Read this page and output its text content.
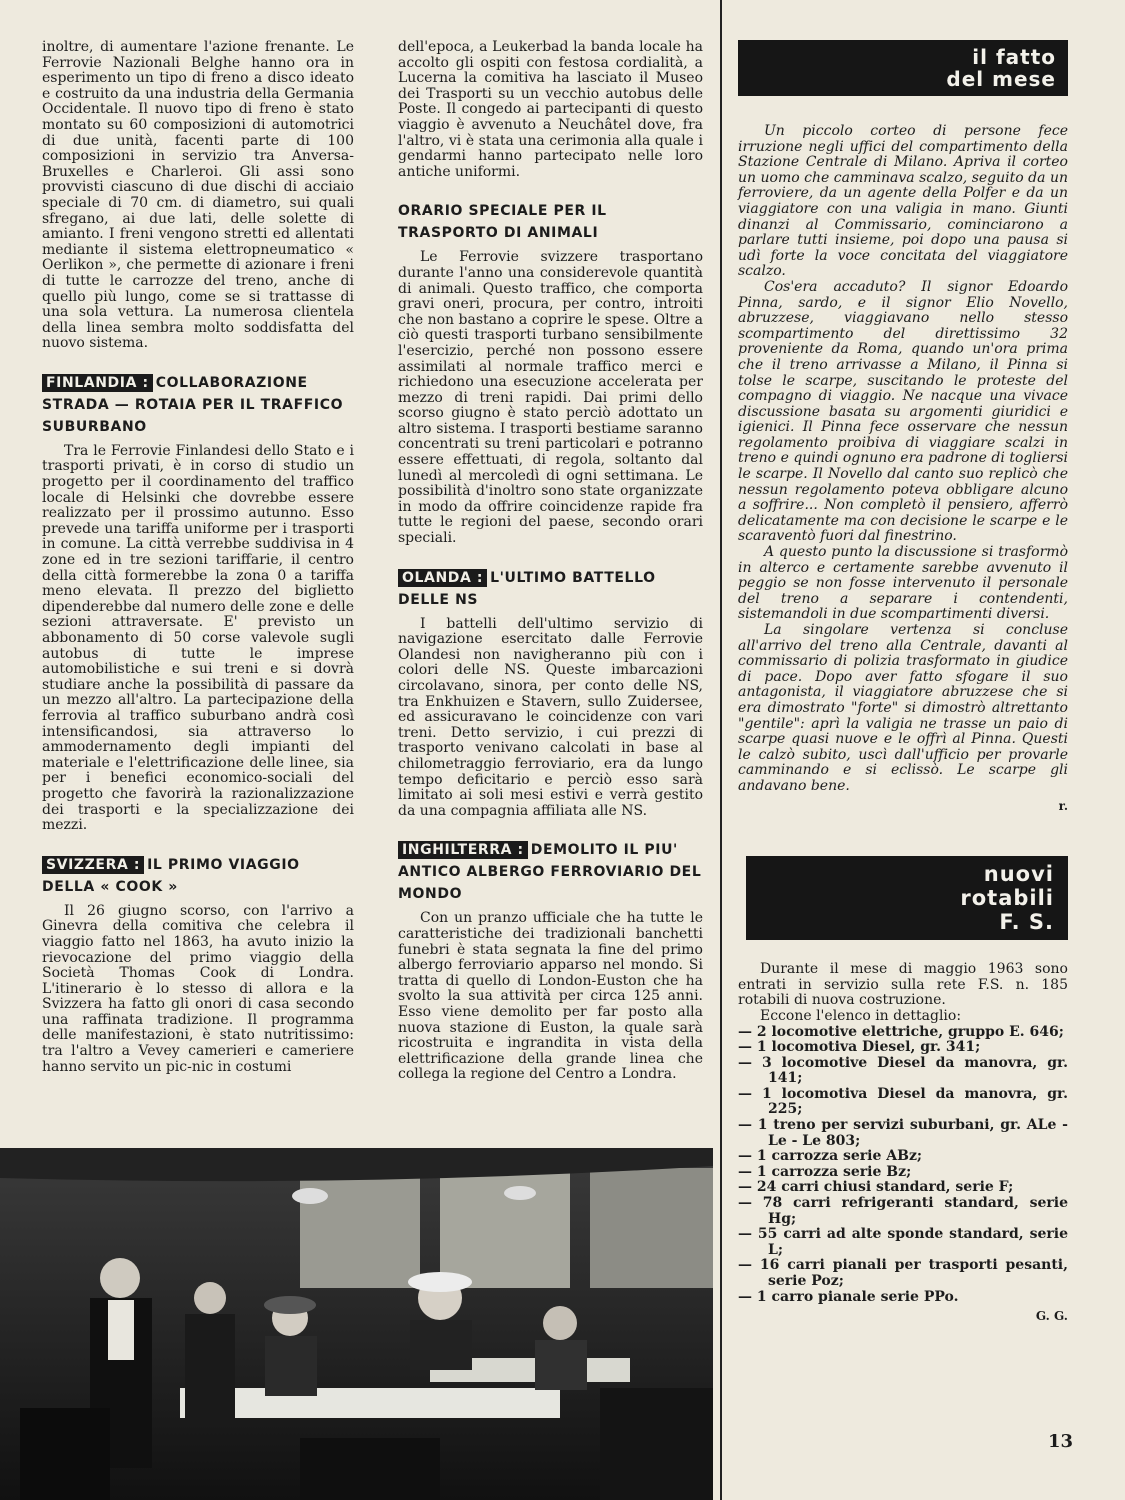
inoltre, di aumentare l'azione frenante. Le Ferrovie Nazionali Belghe hanno ora in esperimento un tipo di freno a disco ideato e costruito da una industria della Germania Occidentale. Il nuovo tipo di freno è stato montato su 60 composizioni di automotrici di due unità, facenti parte di 100 composizioni in servizio tra Anversa-Bruxelles e Charleroi. Gli assi sono provvisti ciascuno di due dischi di acciaio speciale di 70 cm. di diametro, sui quali sfregano, ai due lati, delle solette di amianto. I freni vengono stretti ed allentati mediante il sistema elettropneumatico « Oerlikon », che permette di azionare i freni di tutte le carrozze del treno, anche di quello più lungo, come se si trattasse di una sola vettura. La numerosa clientela della linea sembra molto soddisfatta del nuovo sistema.

FINLANDIA : COLLABORAZIONE STRADA — ROTAIA PER IL TRAFFICO SUBURBANO

Tra le Ferrovie Finlandesi dello Stato e i trasporti privati, è in corso di studio un progetto per il coordinamento del traffico locale di Helsinki che dovrebbe essere realizzato per il prossimo autunno. Esso prevede una tariffa uniforme per i trasporti in comune. La città verrebbe suddivisa in 4 zone ed in tre sezioni tariffarie, il centro della città formerebbe la zona 0 a tariffa meno elevata. Il prezzo del biglietto dipenderebbe dal numero delle zone e delle sezioni attraversate. E' previsto un abbonamento di 50 corse valevole sugli autobus di tutte le imprese automobilistiche e sui treni e si dovrà studiare anche la possibilità di passare da un mezzo all'altro. La partecipazione della ferrovia al traffico suburbano andrà così intensificandosi, sia attraverso lo ammodernamento degli impianti del materiale e l'elettrificazione delle linee, sia per i benefici economico-sociali del progetto che favorirà la razionalizzazione dei trasporti e la specializzazione dei mezzi.

SVIZZERA : IL PRIMO VIAGGIO DELLA « COOK »

Il 26 giugno scorso, con l'arrivo a Ginevra della comitiva che celebra il viaggio fatto nel 1863, ha avuto inizio la rievocazione del primo viaggio della Società Thomas Cook di Londra. L'itinerario è lo stesso di allora e la Svizzera ha fatto gli onori di casa secondo una raffinata tradizione. Il programma delle manifestazioni, è stato nutritissimo: tra l'altro a Vevey camerieri e cameriere hanno servito un pic-nic in costumi

dell'epoca, a Leukerbad la banda locale ha accolto gli ospiti con festosa cordialità, a Lucerna la comitiva ha lasciato il Museo dei Trasporti su un vecchio autobus delle Poste. Il congedo ai partecipanti di questo viaggio è avvenuto a Neuchâtel dove, fra l'altro, vi è stata una cerimonia alla quale i gendarmi hanno partecipato nelle loro antiche uniformi.

ORARIO SPECIALE PER IL TRASPORTO DI ANIMALI

Le Ferrovie svizzere trasportano durante l'anno una considerevole quantità di animali. Questo traffico, che comporta gravi oneri, procura, per contro, introiti che non bastano a coprire le spese. Oltre a ciò questi trasporti turbano sensibilmente l'esercizio, perché non possono essere assimilati al normale traffico merci e richiedono una esecuzione accelerata per mezzo di treni rapidi. Dai primi dello scorso giugno è stato perciò adottato un altro sistema. I trasporti bestiame saranno concentrati su treni particolari e potranno essere effettuati, di regola, soltanto dal lunedì al mercoledì di ogni settimana. Le possibilità d'inoltro sono state organizzate in modo da offrire coincidenze rapide fra tutte le regioni del paese, secondo orari speciali.

OLANDA : L'ULTIMO BATTELLO DELLE NS

I battelli dell'ultimo servizio di navigazione esercitato dalle Ferrovie Olandesi non navigheranno più con i colori delle NS. Queste imbarcazioni circolavano, sinora, per conto delle NS, tra Enkhuizen e Stavern, sullo Zuidersee, ed assicuravano le coincidenze con vari treni. Detto servizio, i cui prezzi di trasporto venivano calcolati in base al chilometraggio ferroviario, era da lungo tempo deficitario e perciò esso sarà limitato ai soli mesi estivi e verrà gestito da una compagnia affiliata alle NS.

INGHILTERRA : DEMOLITO IL PIU' ANTICO ALBERGO FERROVIARIO DEL MONDO

Con un pranzo ufficiale che ha tutte le caratteristiche dei tradizionali banchetti funebri è stata segnata la fine del primo albergo ferroviario apparso nel mondo. Si tratta di quello di London-Euston che ha svolto la sua attività per circa 125 anni. Esso viene demolito per far posto alla nuova stazione di Euston, la quale sarà ricostruita e ingrandita in vista della elettrificazione della grande linea che collega la regione del Centro a Londra.

il fatto
del mese

Un piccolo corteo di persone fece irruzione negli uffici del compartimento della Stazione Centrale di Milano. Apriva il corteo un uomo che camminava scalzo, seguito da un ferroviere, da un agente della Polfer e da un viaggiatore con una valigia in mano. Giunti dinanzi al Commissario, cominciarono a parlare tutti insieme, poi dopo una pausa si udì forte la voce concitata del viaggiatore scalzo.

Cos'era accaduto? Il signor Edoardo Pinna, sardo, e il signor Elio Novello, abruzzese, viaggiavano nello stesso scompartimento del direttissimo 32 proveniente da Roma, quando un'ora prima che il treno arrivasse a Milano, il Pinna si tolse le scarpe, suscitando le proteste del compagno di viaggio. Ne nacque una vivace discussione basata su argomenti giuridici e igienici. Il Pinna fece osservare che nessun regolamento proibiva di viaggiare scalzi in treno e quindi ognuno era padrone di togliersi le scarpe. Il Novello dal canto suo replicò che nessun regolamento poteva obbligare alcuno a soffrire... Non completò il pensiero, afferrò delicatamente ma con decisione le scarpe e le scaraventò fuori dal finestrino.

A questo punto la discussione si trasformò in alterco e certamente sarebbe avvenuto il peggio se non fosse intervenuto il personale del treno a separare i contendenti, sistemandoli in due scompartimenti diversi.

La singolare vertenza si concluse all'arrivo del treno alla Centrale, davanti al commissario di polizia trasformato in giudice di pace. Dopo aver fatto sfogare il suo antagonista, il viaggiatore abruzzese che si era dimostrato "forte" si dimostrò altrettanto "gentile": aprì la valigia ne trasse un paio di scarpe quasi nuove e le offrì al Pinna. Questi le calzò subito, uscì dall'ufficio per provarle camminando e si eclissò. Le scarpe gli andavano bene.

r.
nuovi
rotabili
F. S.

Durante il mese di maggio 1963 sono entrati in servizio sulla rete F.S. n. 185 rotabili di nuova costruzione.

Eccone l'elenco in dettaglio:

— 2 locomotive elettriche, gruppo E. 646;
— 1 locomotiva Diesel, gr. 341;
— 3 locomotive Diesel da manovra, gr. 141;
— 1 locomotiva Diesel da manovra, gr. 225;
— 1 treno per servizi suburbani, gr. ALe - Le - Le 803;
— 1 carrozza serie ABz;
— 1 carrozza serie Bz;
— 24 carri chiusi standard, serie F;
— 78 carri refrigeranti standard, serie Hg;
— 55 carri ad alte sponde standard, serie L;
— 16 carri pianali per trasporti pesanti, serie Poz;
— 1 carro pianale serie PPo.
G. G.
13
